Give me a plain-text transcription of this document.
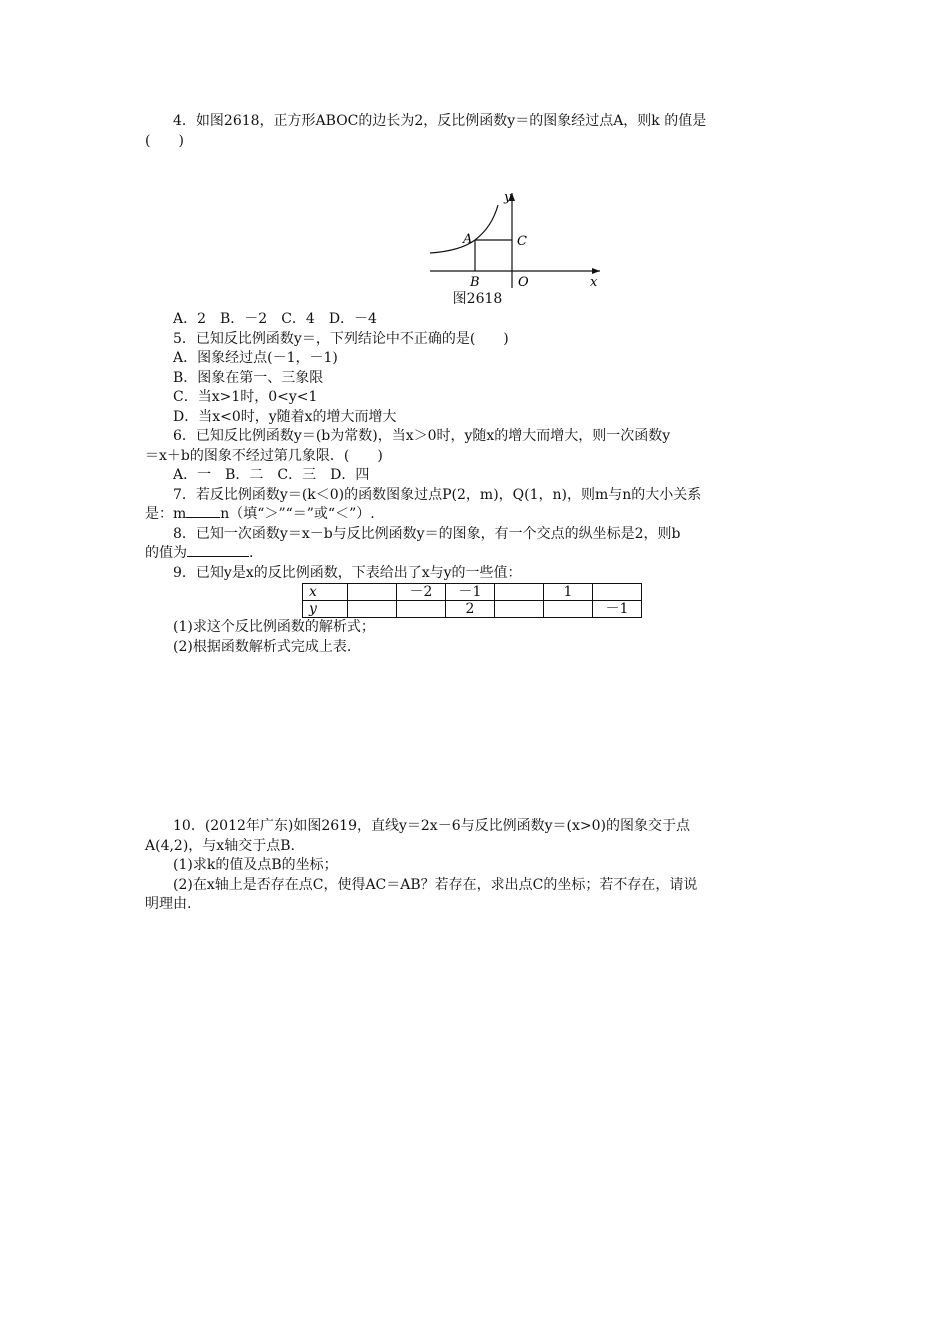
4．如图2618，正方形ABOC的边长为2，反比例函数y＝的图象经过点A，则k 的值是

(　　)

y
x
A
B
C
O

图2618

A．2　B．－2　C．4　D．－4

5．已知反比例函数y＝，下列结论中不正确的是(　　)

A．图象经过点(－1，－1)

B．图象在第一、三象限

C．当x>1时，0<y<1

D．当x<0时，y随着x的增大而增大

6．已知反比例函数y＝(b为常数)，当x＞0时，y随x的增大而增大，则一次函数y

＝x＋b的图象不经过第几象限．(　　)

A．一　B．二　C．三　D．四

7．若反比例函数y＝(k＜0)的函数图象过点P(2，m)，Q(1，n)，则m与n的大小关系

是：m n（填“＞”“＝”或“＜”）.

8．已知一次函数y＝x－b与反比例函数y＝的图象，有一个交点的纵坐标是2，则b

的值为	.

9．已知y是x的反比例函数，下表给出了x与y的一些值：

x		－2	－1		1	
y			2			－1

(1)求这个反比例函数的解析式；

(2)根据函数解析式完成上表.

10．(2012年广东)如图2619，直线y＝2x－6与反比例函数y＝(x>0)的图象交于点

A(4,2)，与x轴交于点B.

(1)求k的值及点B的坐标；

(2)在x轴上是否存在点C，使得AC＝AB？若存在，求出点C的坐标；若不存在，请说

明理由.
